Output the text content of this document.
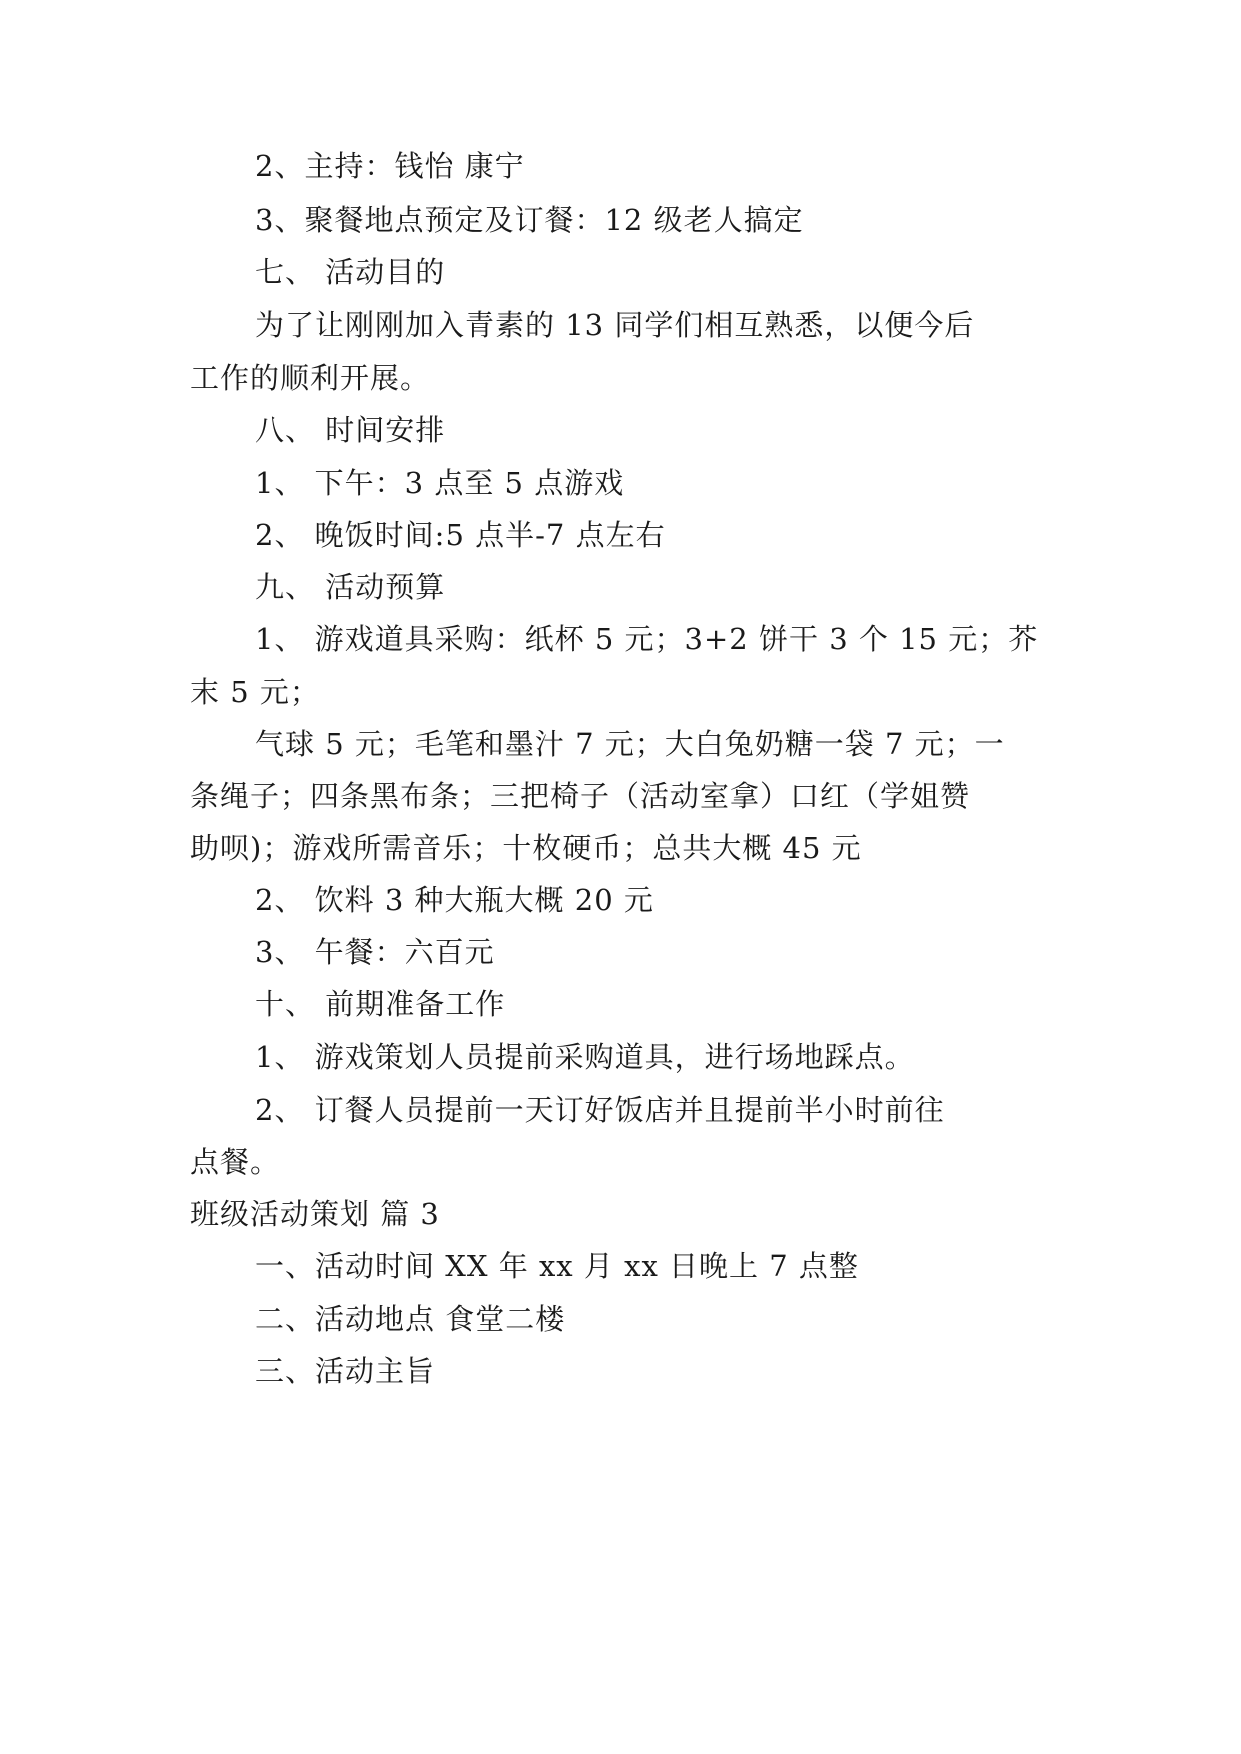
2、主持：钱怡 康宁
3、聚餐地点预定及订餐：12 级老人搞定
七、 活动目的
为了让刚刚加入青素的 13 同学们相互熟悉，以便今后
工作的顺利开展。
八、 时间安排
1、 下午：3 点至 5 点游戏
2、 晚饭时间:5 点半-7 点左右
九、 活动预算
1、 游戏道具采购：纸杯 5 元；3+2 饼干 3 个 15 元；芥
末 5 元；
气球 5 元；毛笔和墨汁 7 元；大白兔奶糖一袋 7 元；一
条绳子；四条黑布条；三把椅子（活动室拿）口红（学姐赞
助呗)；游戏所需音乐；十枚硬币；总共大概 45 元
2、 饮料 3 种大瓶大概 20 元
3、 午餐：六百元
十、 前期准备工作
1、 游戏策划人员提前采购道具，进行场地踩点。
2、 订餐人员提前一天订好饭店并且提前半小时前往
点餐。
班级活动策划 篇 3
一、活动时间 XX 年 xx 月 xx 日晚上 7 点整
二、活动地点 食堂二楼
三、活动主旨
